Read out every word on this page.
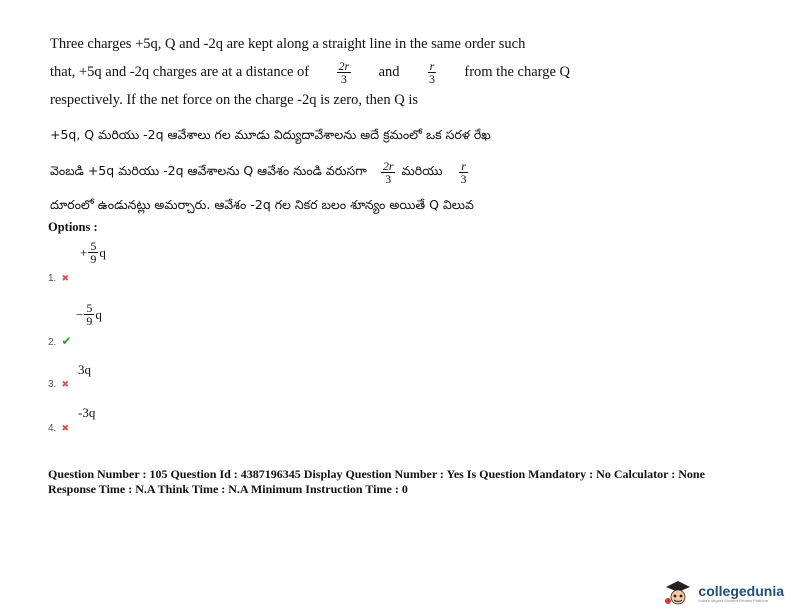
Three charges +5q, Q and -2q are kept along a straight line in the same order such
that, +5q and -2q charges are at a distance of $\frac{2r}{3}$ and $\frac{r}{3}$ from the charge Q
respectively. If the net force on the charge -2q is zero, then Q is
+5q, Q మరియు -2q ఆవేశాలు గల మూడు విద్యుదావేశాలను అదే క్రమంలో ఒక సరళ రేఖ
వెంబడి +5q మరియు -2q ఆవేశాలను Q ఆవేశం నుండి వరుసగా $\frac{2r}{3}$ మరియు $\frac{r}{3}$
దూరంలో ఉండునట్లు అమర్చారు. ఆవేశం -2q గల నికర బలం శూన్యం అయితే Q విలువ
Options :
1. ✖
+ $\frac{5}{9}$ q
2. ✔
− $\frac{5}{9}$ q
3. ✖
3q
4. ✖
-3q
Question Number : 105 Question Id : 4387196345 Display Question Number : Yes Is Question Mandatory : No Calculator : None
Response Time : N.A Think Time : N.A Minimum Instruction Time : 0
collegedunia
India's largest Student Review Platform
